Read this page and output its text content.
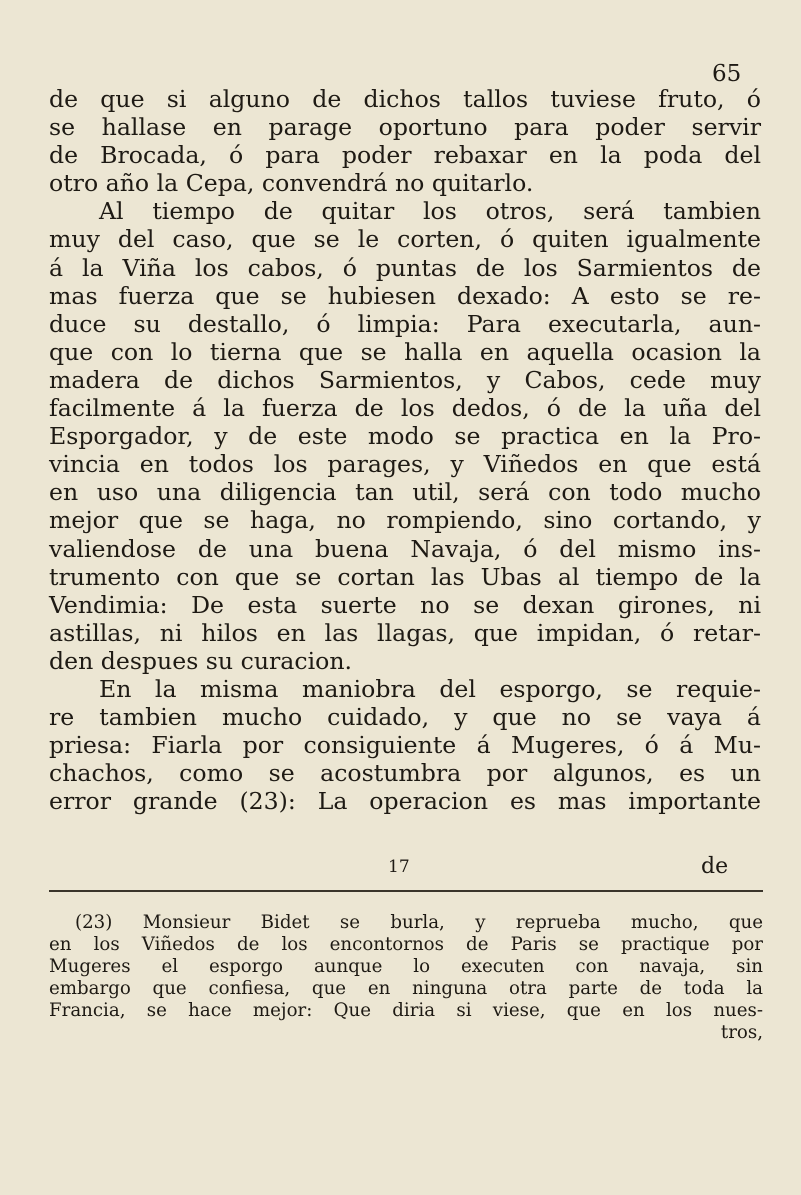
65

de que si alguno de dichos tallos tuviese fruto, ó
se hallase en parage oportuno para poder servir
de Brocada, ó para poder rebaxar en la poda del
otro año la Cepa, convendrá no quitarlo.

Al tiempo de quitar los otros, será tambien
muy del caso, que se le corten, ó quiten igualmente
á la Viña los cabos, ó puntas de los Sarmientos de
mas fuerza que se hubiesen dexado: A esto se re-
duce su destallo, ó limpia: Para executarla, aun-
que con lo tierna que se halla en aquella ocasion la
madera de dichos Sarmientos, y Cabos, cede muy
facilmente á la fuerza de los dedos, ó de la uña del
Esporgador, y de este modo se practica en la Pro-
vincia en todos los parages, y Viñedos en que está
en uso una diligencia tan util, será con todo mucho
mejor que se haga, no rompiendo, sino cortando, y
valiendose de una buena Navaja, ó del mismo ins-
trumento con que se cortan las Ubas al tiempo de la
Vendimia: De esta suerte no se dexan girones, ni
astillas, ni hilos en las llagas, que impidan, ó retar-
den despues su curacion.

En la misma maniobra del esporgo, se requie-
re tambien mucho cuidado, y que no se vaya á
priesa: Fiarla por consiguiente á Mugeres, ó á Mu-
chachos, como se acostumbra por algunos, es un
error grande (23): La operacion es mas importante

17	de
(23) Monsieur Bidet se burla, y reprueba mucho, que
en los Viñedos de los encontornos de Paris se practique por
Mugeres el esporgo aunque lo executen con navaja, sin
embargo que confiesa, que en ninguna otra parte de toda la
Francia, se hace mejor: Que diria si viese, que en los nues-
tros,
